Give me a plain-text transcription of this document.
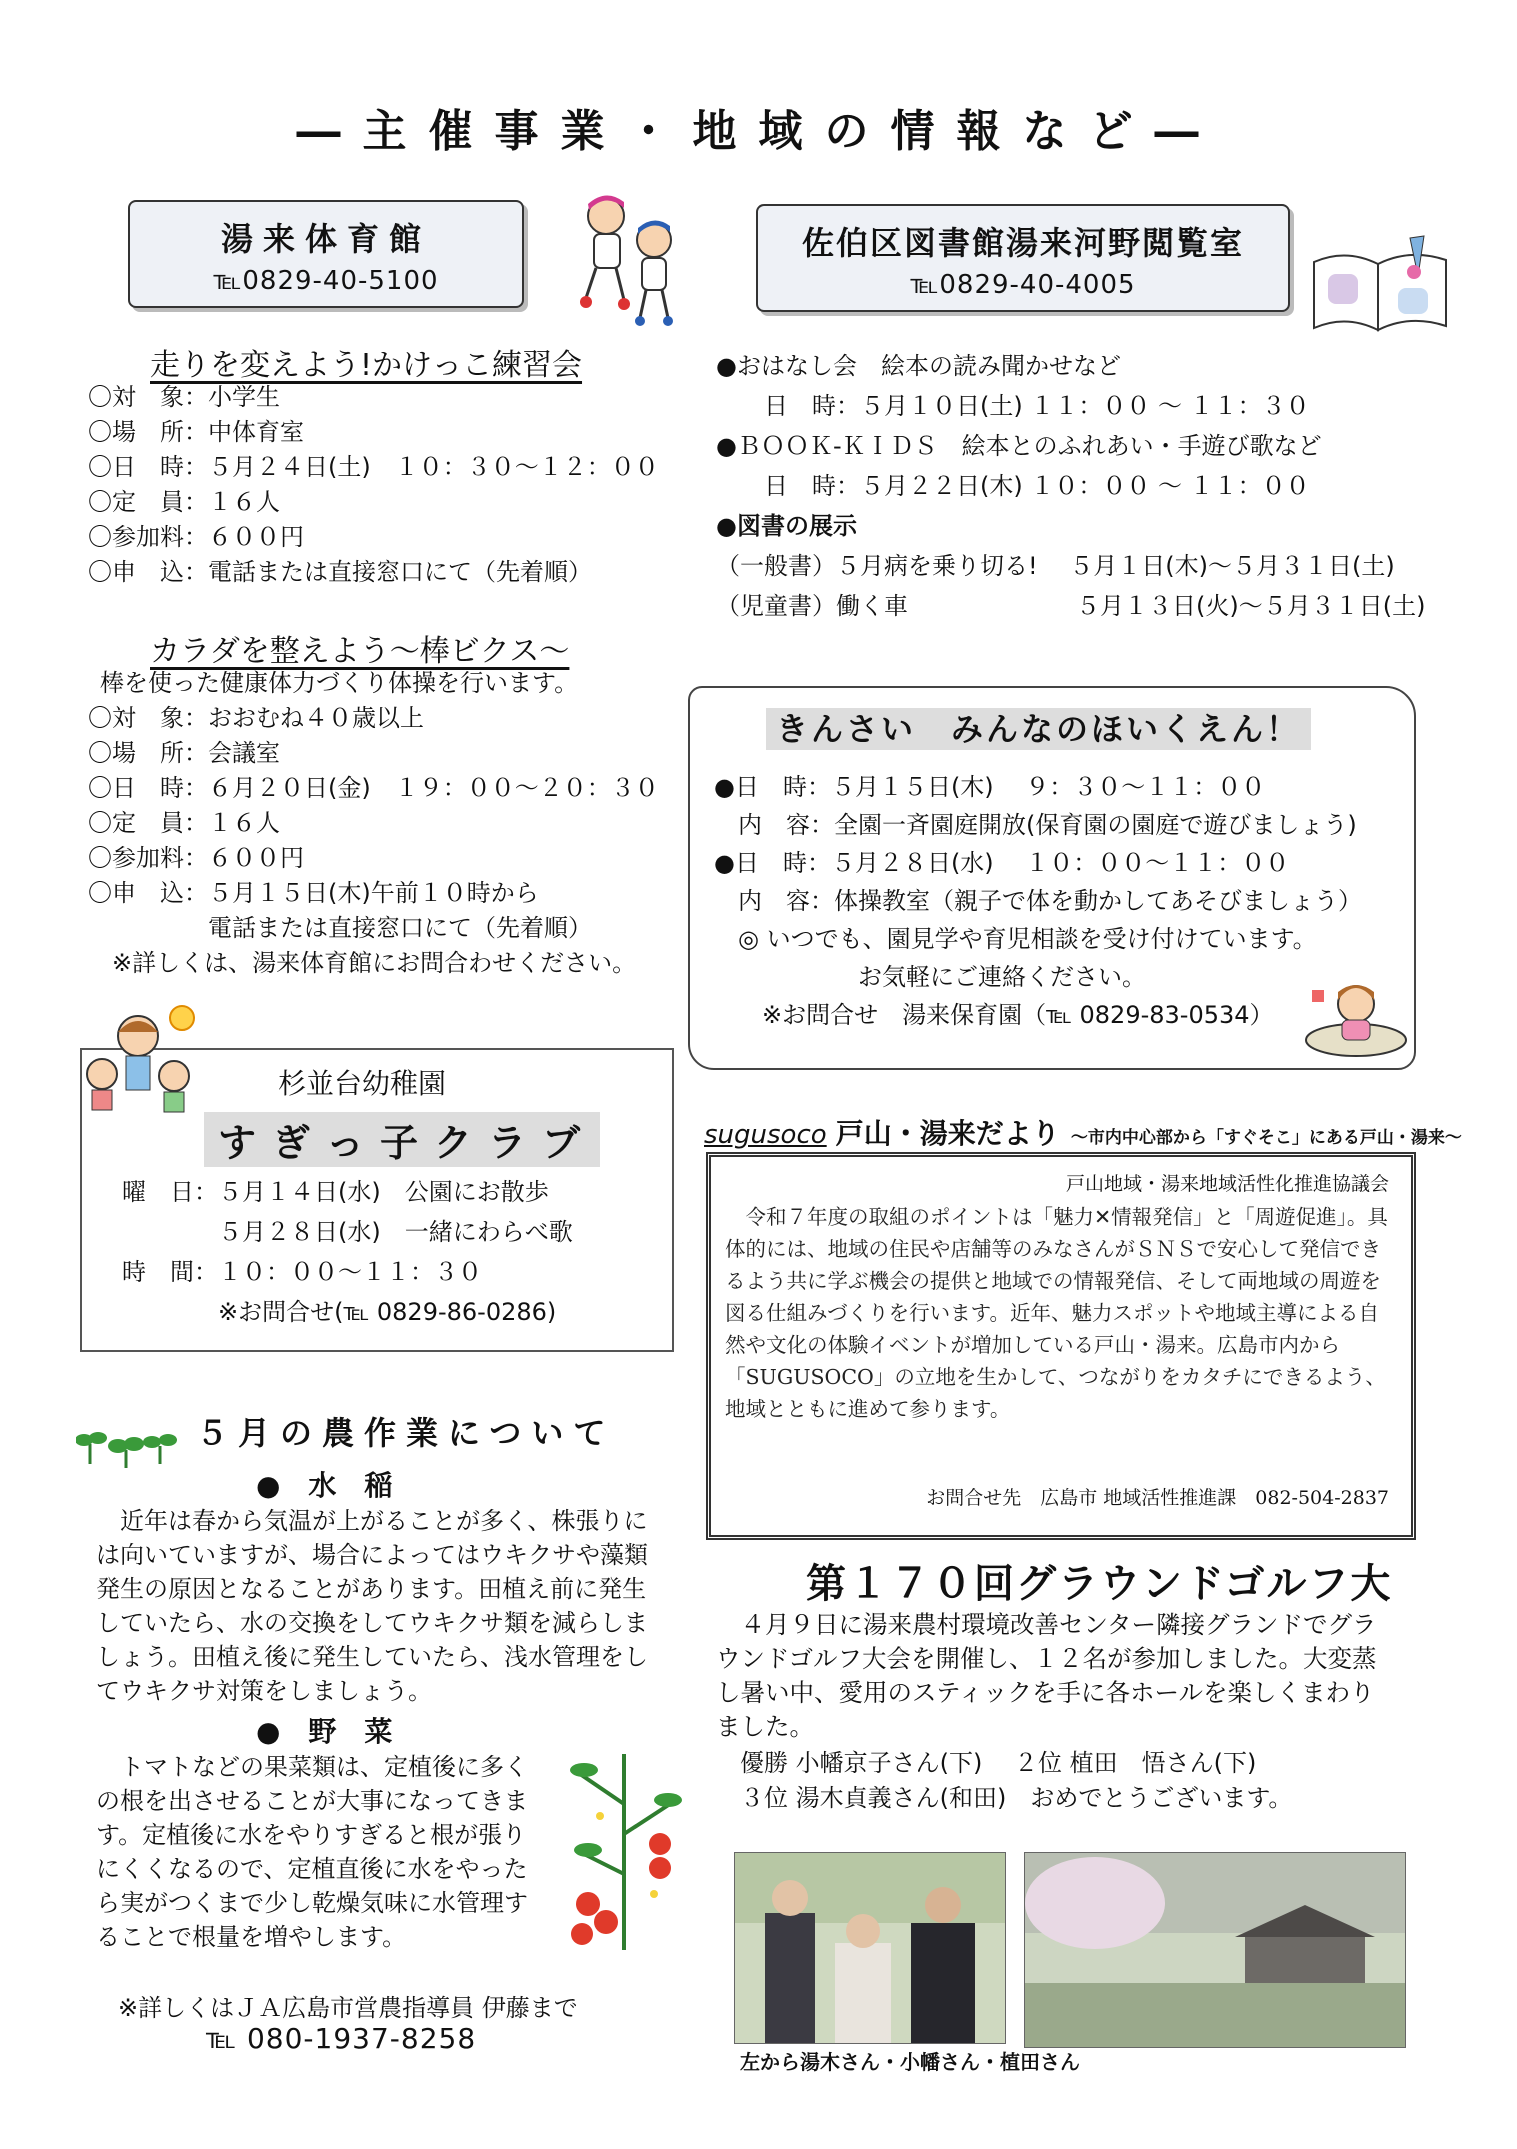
―主催事業・地域の情報など―
湯来体育館
℡0829-40-5100
佐伯区図書館湯来河野閲覧室
℡0829-40-4005
走りを変えよう!かけっこ練習会
〇対　象：小学生
〇場　所：中体育室
〇日　時：５月２４日(土)　１０：３０～１２：００
〇定　員：１６人
〇参加料：６００円
〇申　込：電話または直接窓口にて（先着順）
カラダを整えよう～棒ビクス～
棒を使った健康体力づくり体操を行います。
〇対　象：おおむね４０歳以上
〇場　所：会議室
〇日　時：６月２０日(金)　１９：００～２０：３０
〇定　員：１６人
〇参加料：６００円
〇申　込：５月１５日(木)午前１０時から
　　　　　電話または直接窓口にて（先着順）
※詳しくは、湯来体育館にお問合わせください。
●おはなし会　絵本の読み聞かせなど
　　日　時：５月１０日(土) １１：００ ～ １１：３０
●ＢＯＯＫ-ＫＩＤＳ　絵本とのふれあい・手遊び歌など
　　日　時：５月２２日(木) １０：００ ～ １１：００
●図書の展示
（一般書）５月病を乗り切る!　 ５月１日(木)～５月３１日(土)
（児童書）働く車　　　　　　　５月１３日(火)～５月３１日(土)
きんさい　みんなのほいくえん！
●日　時：５月１５日(木)　 ９：３０～１１：００
　内　容：全園一斉園庭開放(保育園の園庭で遊びましょう)
●日　時：５月２８日(水)　 １０：００～１１：００
　内　容：体操教室（親子で体を動かしてあそびましょう）
　◎ いつでも、園見学や育児相談を受け付けています。
　　　　　　お気軽にご連絡ください。
　　※お問合せ　湯来保育園（℡ 0829-83-0534）
杉並台幼稚園
すぎっ子クラブ
曜　日：５月１４日(水)　公園にお散歩
　　　　５月２８日(水)　一緒にわらべ歌
時　間：１０：００～１１：３０
　　　　※お問合せ(℡ 0829-86-0286)
sugusoco 戸山・湯来だより ～市内中心部から「すぐそこ」にある戸山・湯来～
戸山地域・湯来地域活性化推進協議会
　令和７年度の取組のポイントは「魅力✕情報発信」と「周遊促進」。具体的には、地域の住民や店舗等のみなさんがＳＮＳで安心して発信できるよう共に学ぶ機会の提供と地域での情報発信、そして両地域の周遊を図る仕組みづくりを行います。近年、魅力スポットや地域主導による自然や文化の体験イベントが増加している戸山・湯来。広島市内から「SUGUSOCO」の立地を生かして、つながりをカタチにできるよう、地域とともに進めて参ります。
お問合せ先　広島市 地域活性推進課　082-504-2837
５月の農作業について
●　水　稲
　近年は春から気温が上がることが多く、株張りには向いていますが、場合によってはウキクサや藻類発生の原因となることがあります。田植え前に発生していたら、水の交換をしてウキクサ類を減らしましょう。田植え後に発生していたら、浅水管理をしてウキクサ対策をしましょう。
●　野　菜
　トマトなどの果菜類は、定植後に多くの根を出させることが大事になってきます。定植後に水をやりすぎると根が張りにくくなるので、定植直後に水をやったら実がつくまで少し乾燥気味に水管理することで根量を増やします。
※詳しくはＪＡ広島市営農指導員 伊藤まで
℡ 080-1937-8258
第１７０回グラウンドゴルフ大
　４月９日に湯来農村環境改善センター隣接グランドでグラウンドゴルフ大会を開催し、１２名が参加しました。大変蒸し暑い中、愛用のスティックを手に各ホールを楽しくまわりました。
　優勝 小幡京子さん(下)　 ２位 植田　悟さん(下)
　３位 湯木貞義さん(和田)　おめでとうございます。
左から湯木さん・小幡さん・植田さん
